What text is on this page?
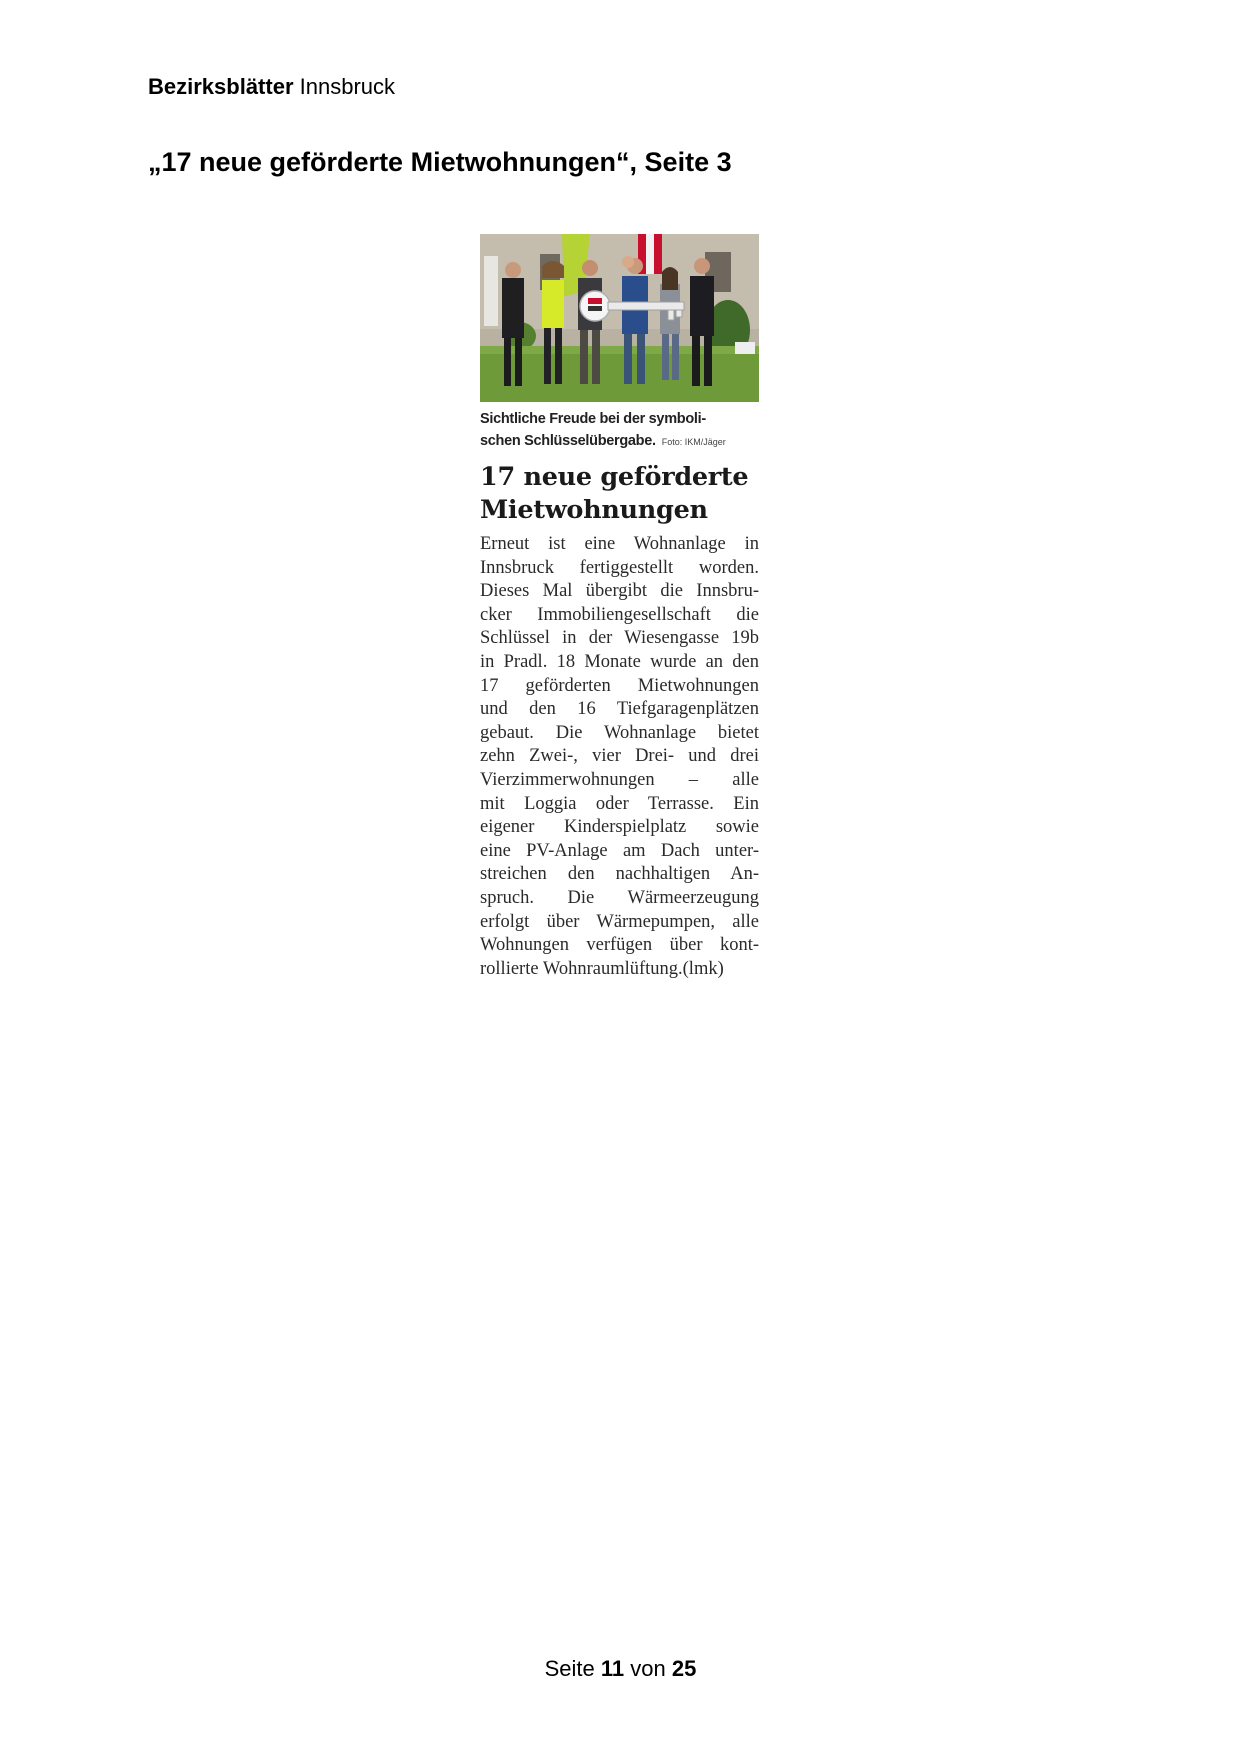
Bezirksblätter Innsbruck
„17 neue geförderte Mietwohnungen“, Seite 3
Sichtliche Freude bei der symboli-
schen Schlüsselübergabe. Foto: IKM/Jäger
17 neue geförderte
Mietwohnungen
Erneut ist eine Wohnanlage in
Innsbruck fertiggestellt worden.
Dieses Mal übergibt die Innsbru-
cker Immobiliengesellschaft die
Schlüssel in der Wiesengasse 19b
in Pradl. 18 Monate wurde an den
17 geförderten Mietwohnungen
und den 16 Tiefgaragenplätzen
gebaut. Die Wohnanlage bietet
zehn Zwei-, vier Drei- und drei
Vierzimmerwohnungen – alle
mit Loggia oder Terrasse. Ein
eigener Kinderspielplatz sowie
eine PV-Anlage am Dach unter-
streichen den nachhaltigen An-
spruch. Die Wärmeerzeugung
erfolgt über Wärmepumpen, alle
Wohnungen verfügen über kont-
rollierte Wohnraumlüftung.(lmk)
Seite 11 von 25
